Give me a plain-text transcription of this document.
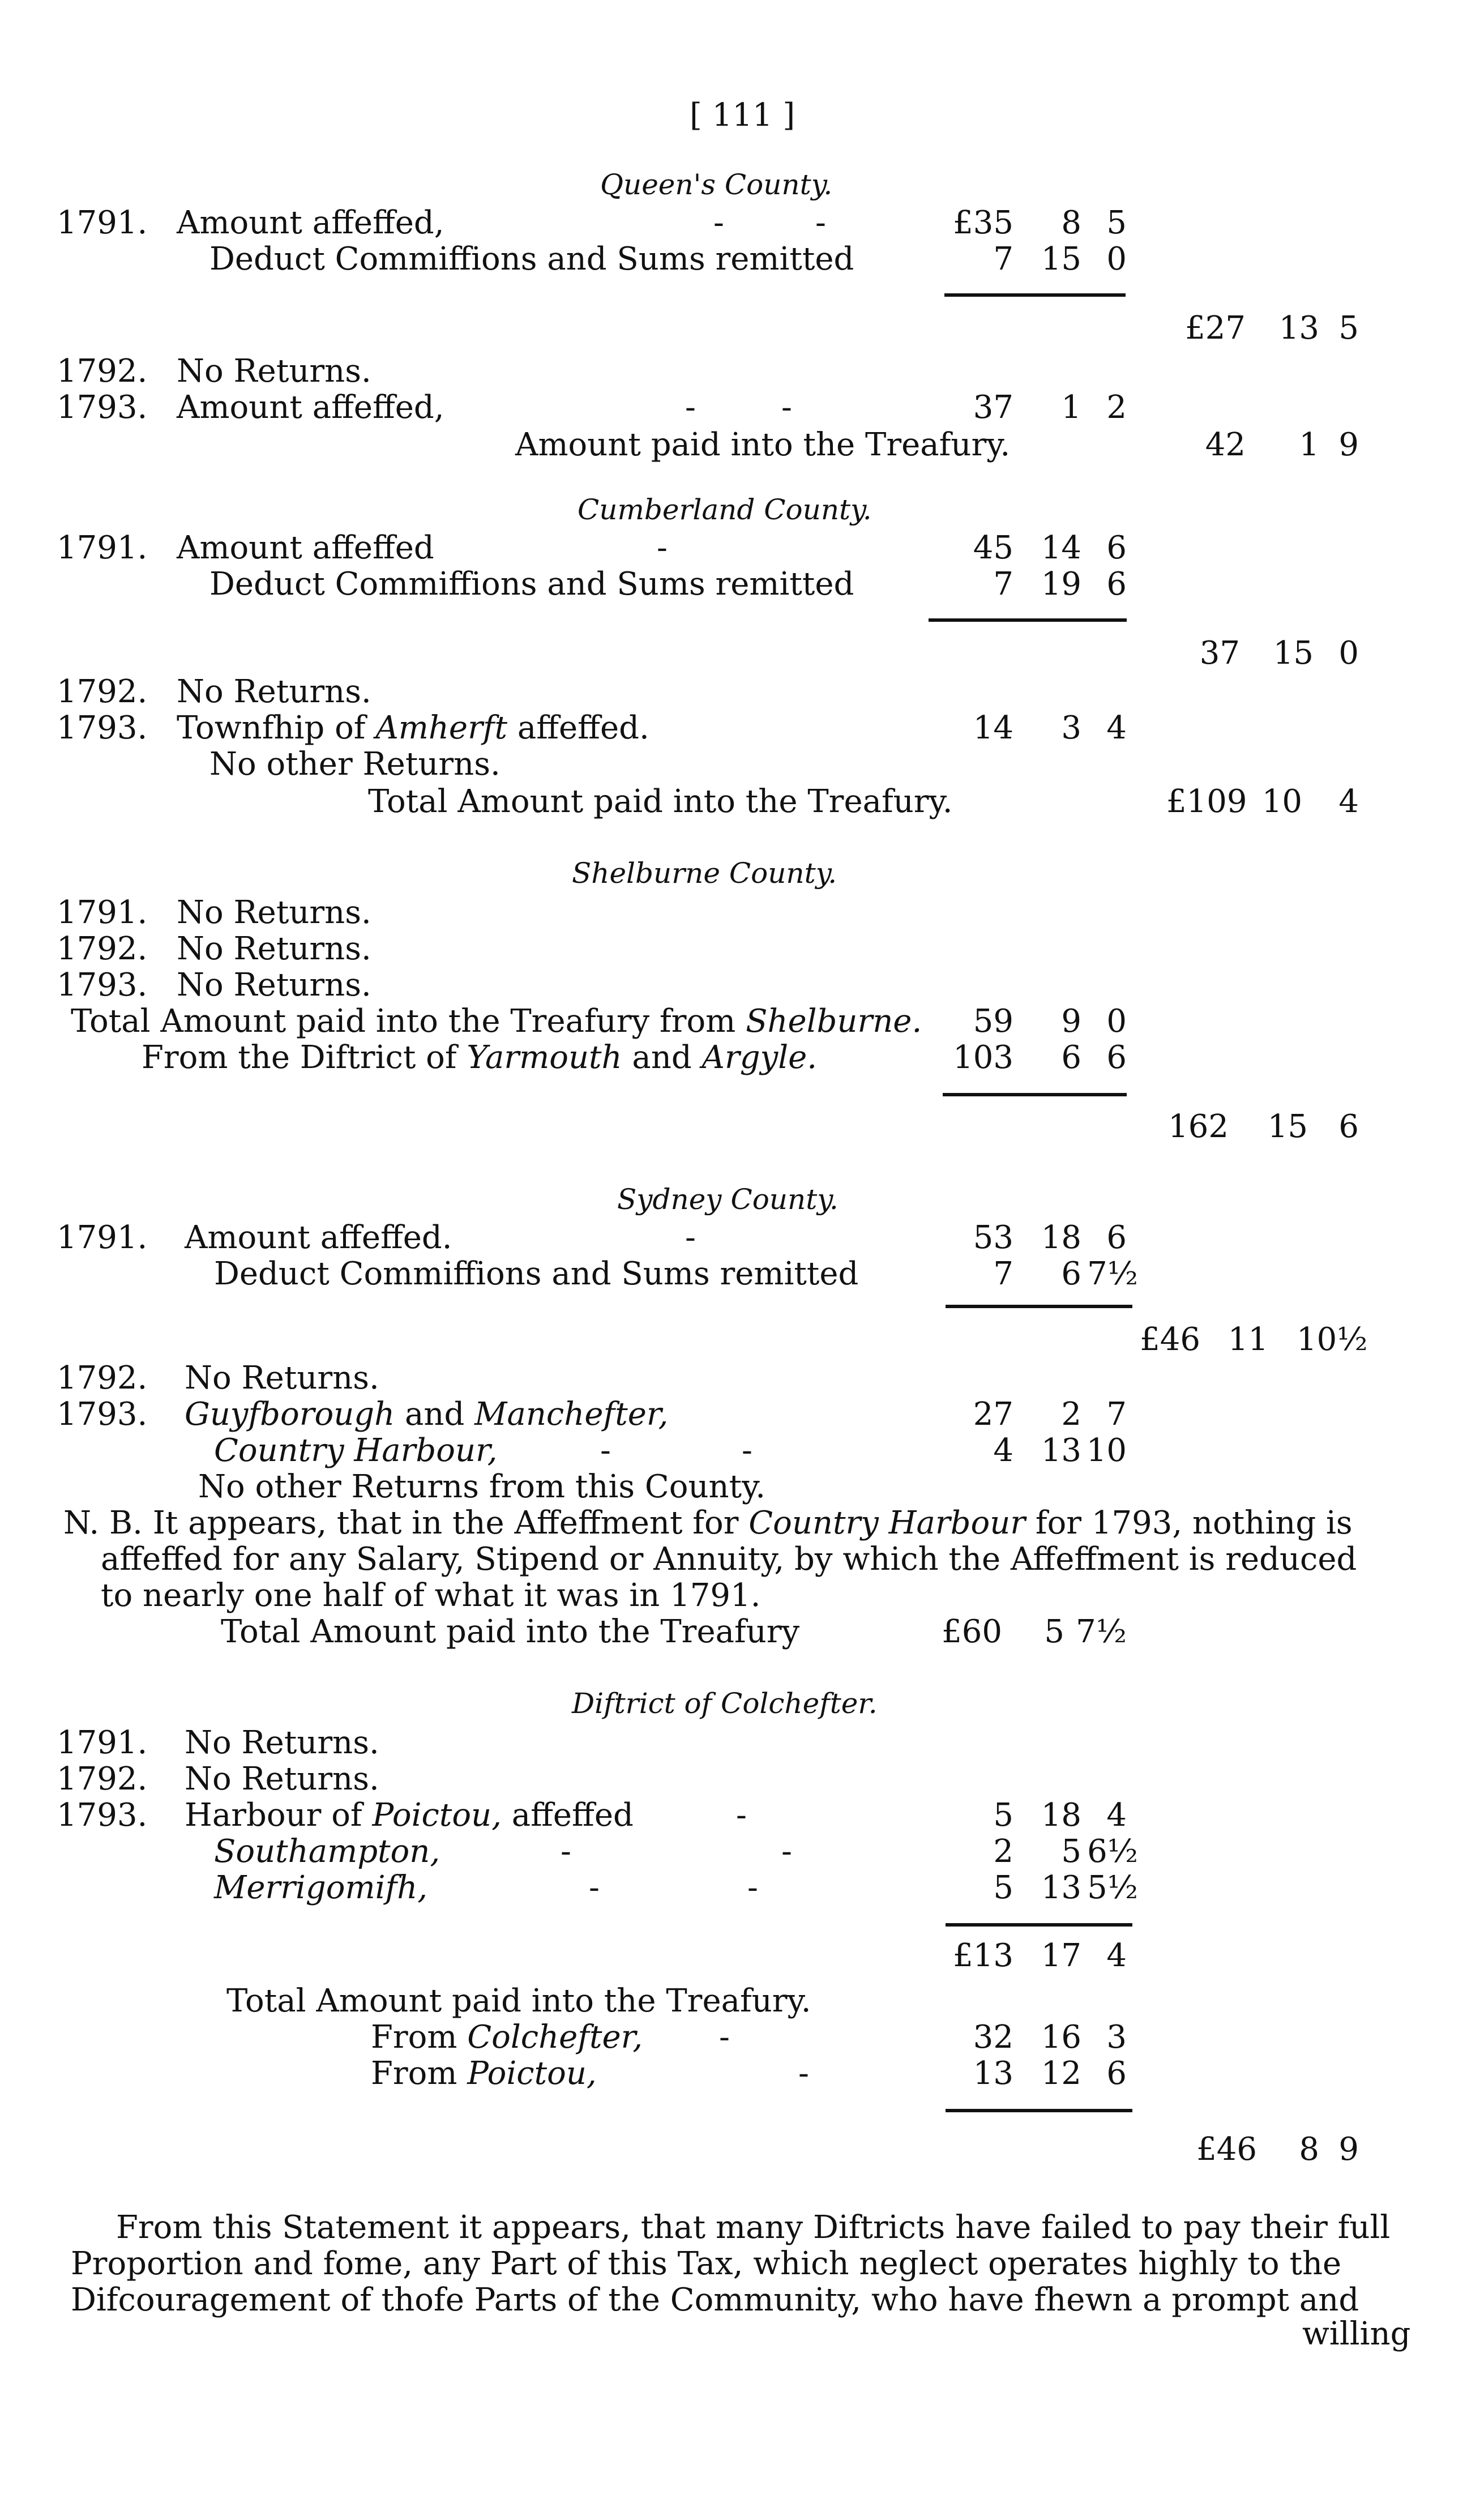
[ 111 ]
Queen's County.
1791. Amount affeffed,	-	-	£35	8 5
Deduct Commiffions and Sums remitted	7 15 0
£27	13 5
1792. No Returns.
1793. Amount affeffed,	-	-	37	1 2
Amount paid into the Treafury.	42	1 9
Cumberland County.
1791. Amount affeffed	-	45 14 6
Deduct Commiffions and Sums remitted	7 19 6
37	15 0
1792. No Returns.
1793. Townfhip of Amherft affeffed.	14	3 4
No other Returns.
Total Amount paid into the Treafury.	£109 10	4
Shelburne County.
1791. No Returns.
1792. No Returns.
1793. No Returns.
Total Amount paid into the Treafury from Shelburne.	59	9 0
From the Diftrict of Yarmouth and Argyle.	103	6 6
162	15 6
Sydney County.
1791. Amount affeffed.	-	53 18 6
Deduct Commiffions and Sums remitted	7	6 7½
£46 11 10½
1792. No Returns.
1793. Guyfborough and Manchefter,	27	2 7
Country Harbour,	-	-	4 13 10
No other Returns from this County.
N. B. It appears, that in the Affeffment for Country Harbour for 1793, nothing is
affeffed for any Salary, Stipend or Annuity, by which the Affeffment is reduced
to nearly one half of what it was in 1791.
Total Amount paid into the Treafury	£60	5 7½
Diftrict of Colchefter.
1791. No Returns.
1792. No Returns.
1793. Harbour of Poictou, affeffed	-	5 18 4
Southampton,	-	-	2	5 6½
Merrigomifh,	-	-	5 13 5½
£13 17 4
Total Amount paid into the Treafury.
From Colchefter, -	32 16 3
From Poictou,	-	13 12 6
£46	8 9
From this Statement it appears, that many Diftricts have failed to pay their full
Proportion and fome, any Part of this Tax, which neglect operates highly to the
Difcouragement of thofe Parts of the Community, who have fhewn a prompt and
willing
